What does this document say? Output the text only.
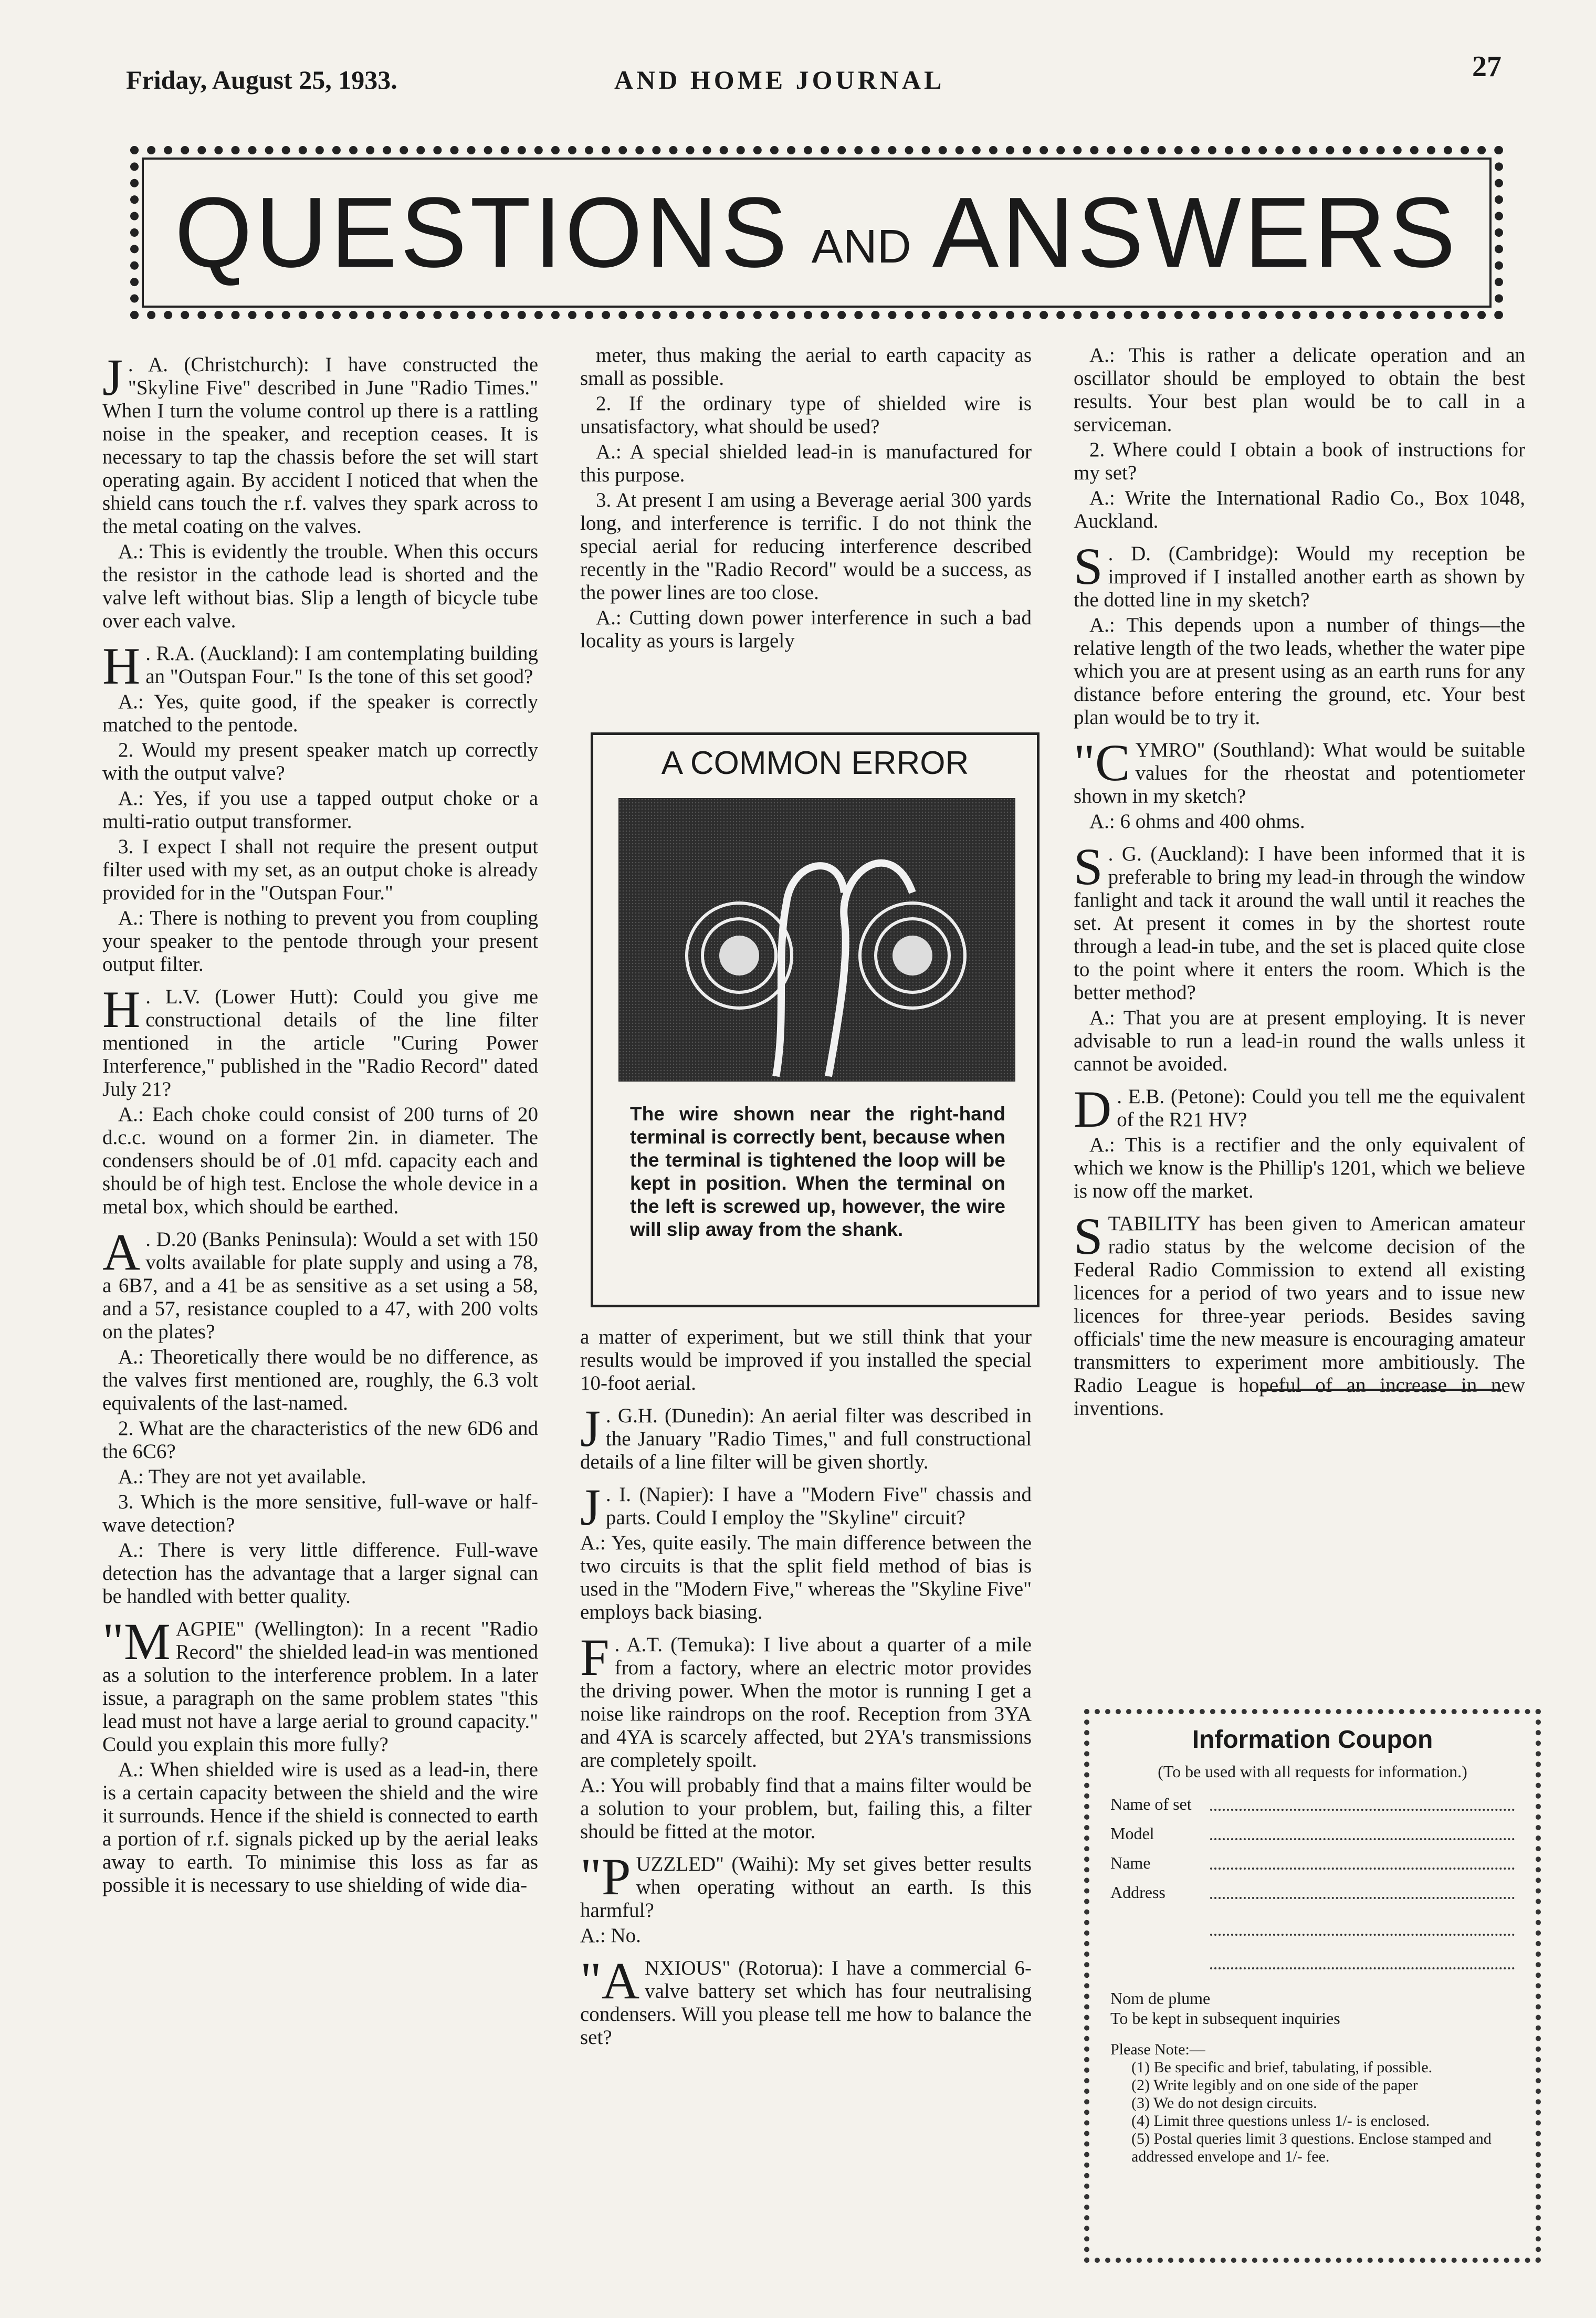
Friday, August 25, 1933.	AND HOME JOURNAL	27
QUESTIONS AND ANSWERS

J . A. (Christchurch): I have constructed the "Skyline Five" described in June "Radio Times." When I turn the volume control up there is a rattling noise in the speaker, and reception ceases. It is necessary to tap the chassis before the set will start operating again. By accident I noticed that when the shield cans touch the r.f. valves they spark across to the metal coating on the valves.

A.: This is evidently the trouble. When this occurs the resistor in the cathode lead is shorted and the valve left without bias. Slip a length of bicycle tube over each valve.

H . R.A. (Auckland): I am contemplating building an "Outspan Four." Is the tone of this set good?

A.: Yes, quite good, if the speaker is correctly matched to the pentode.

2. Would my present speaker match up correctly with the output valve?

A.: Yes, if you use a tapped output choke or a multi-ratio output transformer.

3. I expect I shall not require the present output filter used with my set, as an output choke is already provided for in the "Outspan Four."

A.: There is nothing to prevent you from coupling your speaker to the pentode through your present output filter.

H . L.V. (Lower Hutt): Could you give me constructional details of the line filter mentioned in the article "Curing Power Interference," published in the "Radio Record" dated July 21?

A.: Each choke could consist of 200 turns of 20 d.c.c. wound on a former 2in. in diameter. The condensers should be of .01 mfd. capacity each and should be of high test. Enclose the whole device in a metal box, which should be earthed.

A . D.20 (Banks Peninsula): Would a set with 150 volts available for plate supply and using a 78, a 6B7, and a 41 be as sensitive as a set using a 58, and a 57, resistance coupled to a 47, with 200 volts on the plates?

A.: Theoretically there would be no difference, as the valves first mentioned are, roughly, the 6.3 volt equivalents of the last-named.

2. What are the characteristics of the new 6D6 and the 6C6?

A.: They are not yet available.

3. Which is the more sensitive, full-wave or half-wave detection?

A.: There is very little difference. Full-wave detection has the advantage that a larger signal can be handled with better quality.

"MAGPIE" (Wellington): In a recent "Radio Record" the shielded lead-in was mentioned as a solution to the interference problem. In a later issue, a paragraph on the same problem states "this lead must not have a large aerial to ground capacity." Could you explain this more fully?

A.: When shielded wire is used as a lead-in, there is a certain capacity between the shield and the wire it surrounds. Hence if the shield is connected to earth a portion of r.f. signals picked up by the aerial leaks away to earth. To minimise this loss as far as possible it is necessary to use shielding of wide dia-

meter, thus making the aerial to earth capacity as small as possible.

2. If the ordinary type of shielded wire is unsatisfactory, what should be used?

A.: A special shielded lead-in is manufactured for this purpose.

3. At present I am using a Beverage aerial 300 yards long, and interference is terrific. I do not think the special aerial for reducing interference described recently in the "Radio Record" would be a success, as the power lines are too close.

A.: Cutting down power interference in such a bad locality as yours is largely

A COMMON ERROR
The wire shown near the right-hand terminal is correctly bent, because when the terminal is tightened the loop will be kept in position. When the terminal on the left is screwed up, however, the wire will slip away from the shank.

a matter of experiment, but we still think that your results would be improved if you installed the special 10-foot aerial.

J . G.H. (Dunedin): An aerial filter was described in the January "Radio Times," and full constructional details of a line filter will be given shortly.

J . I. (Napier): I have a "Modern Five" chassis and parts. Could I employ the "Skyline" circuit?

A.: Yes, quite easily. The main difference between the two circuits is that the split field method of bias is used in the "Modern Five," whereas the "Skyline Five" employs back biasing.

F . A.T. (Temuka): I live about a quarter of a mile from a factory, where an electric motor provides the driving power. When the motor is running I get a noise like raindrops on the roof. Reception from 3YA and 4YA is scarcely affected, but 2YA's transmissions are completely spoilt.

A.: You will probably find that a mains filter would be a solution to your problem, but, failing this, a filter should be fitted at the motor.

"PUZZLED" (Waihi): My set gives better results when operating without an earth. Is this harmful?

A.: No.

"ANXIOUS" (Rotorua): I have a commercial 6-valve battery set which has four neutralising condensers. Will you please tell me how to balance the set?

A.: This is rather a delicate operation and an oscillator should be employed to obtain the best results. Your best plan would be to call in a serviceman.

2. Where could I obtain a book of instructions for my set?

A.: Write the International Radio Co., Box 1048, Auckland.

S . D. (Cambridge): Would my reception be improved if I installed another earth as shown by the dotted line in my sketch?

A.: This depends upon a number of things—the relative length of the two leads, whether the water pipe which you are at present using as an earth runs for any distance before entering the ground, etc. Your best plan would be to try it.

"CYMRO" (Southland): What would be suitable values for the rheostat and potentiometer shown in my sketch?

A.: 6 ohms and 400 ohms.

S . G. (Auckland): I have been informed that it is preferable to bring my lead-in through the window fanlight and tack it around the wall until it reaches the set. At present it comes in by the shortest route through a lead-in tube, and the set is placed quite close to the point where it enters the room. Which is the better method?

A.: That you are at present employing. It is never advisable to run a lead-in round the walls unless it cannot be avoided.

D . E.B. (Petone): Could you tell me the equivalent of the R21 HV?

A.: This is a rectifier and the only equivalent of which we know is the Phillip's 1201, which we believe is now off the market.

STABILITY has been given to American amateur radio status by the welcome decision of the Federal Radio Commission to extend all existing licences for a period of two years and to issue new licences for three-year periods. Besides saving officials' time the new measure is encouraging amateur transmitters to experiment more ambitiously. The Radio League is hopeful of an increase in new inventions.

Information Coupon
(To be used with all requests for information.)
Name of set
Model
Name
Address
Nom de plume
To be kept in subsequent inquiries
Please Note:—
(1) Be specific and brief, tabulating, if possible.
(2) Write legibly and on one side of the paper
(3) We do not design circuits.
(4) Limit three questions unless 1/- is enclosed.
(5) Postal queries limit 3 questions. Enclose stamped and addressed envelope and 1/- fee.
